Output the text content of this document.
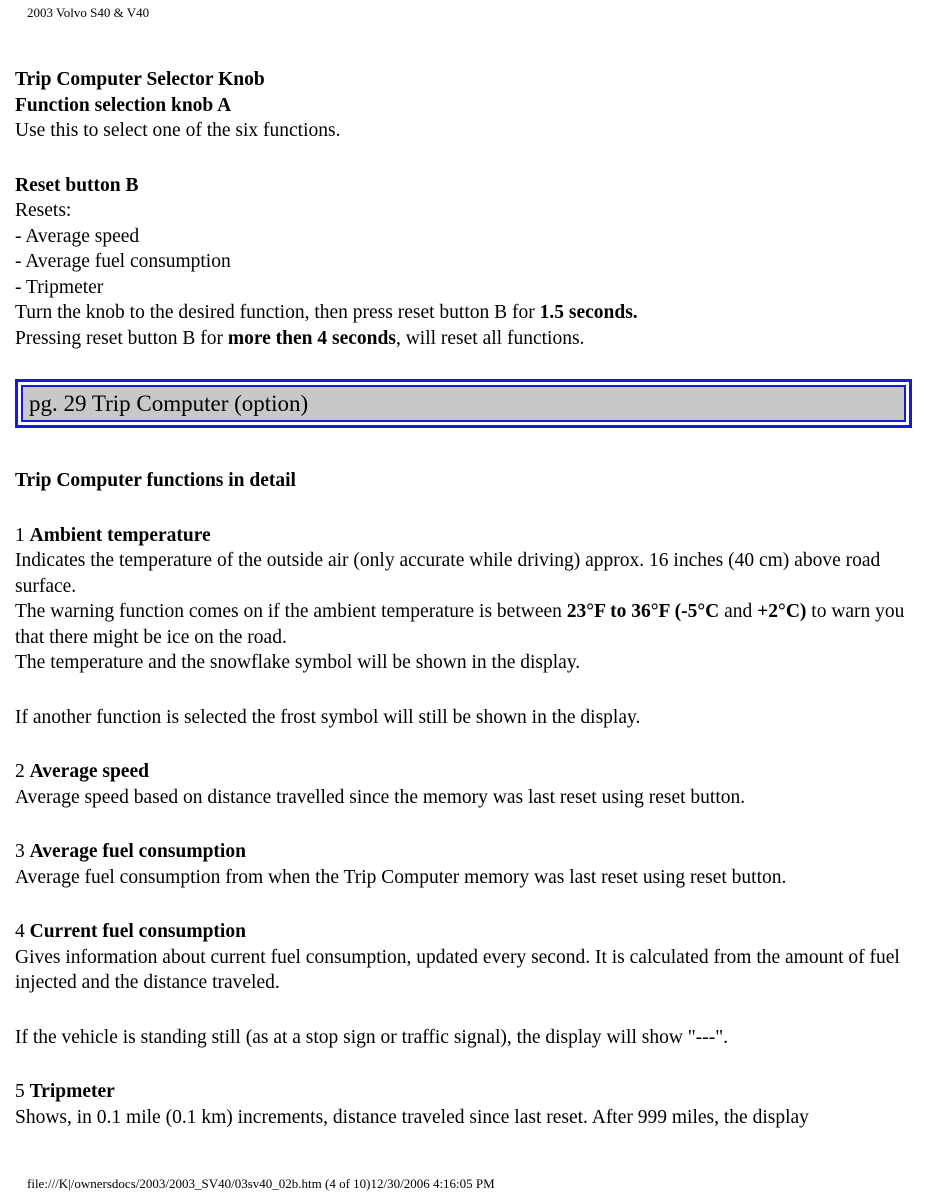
2003 Volvo S40 & V40

Trip Computer Selector Knob

Function selection knob A

Use this to select one of the six functions.

Reset button B

Resets:

- Average speed

- Average fuel consumption

- Tripmeter

Turn the knob to the desired function, then press reset button B for 1.5 seconds.

Pressing reset button B for more then 4 seconds, will reset all functions.

pg. 29 Trip Computer (option)

Trip Computer functions in detail

1 Ambient temperature

Indicates the temperature of the outside air (only accurate while driving) approx. 16 inches (40 cm) above road surface.

The warning function comes on if the ambient temperature is between 23°F to 36°F (-5°C and +2°C) to warn you that there might be ice on the road.

The temperature and the snowflake symbol will be shown in the display.

If another function is selected the frost symbol will still be shown in the display.

2 Average speed

Average speed based on distance travelled since the memory was last reset using reset button.

3 Average fuel consumption

Average fuel consumption from when the Trip Computer memory was last reset using reset button.

4 Current fuel consumption

Gives information about current fuel consumption, updated every second. It is calculated from the amount of fuel injected and the distance traveled.

If the vehicle is standing still (as at a stop sign or traffic signal), the display will show "---".

5 Tripmeter

Shows, in 0.1 mile (0.1 km) increments, distance traveled since last reset. After 999 miles, the display

file:///K|/ownersdocs/2003/2003_SV40/03sv40_02b.htm (4 of 10)12/30/2006 4:16:05 PM
